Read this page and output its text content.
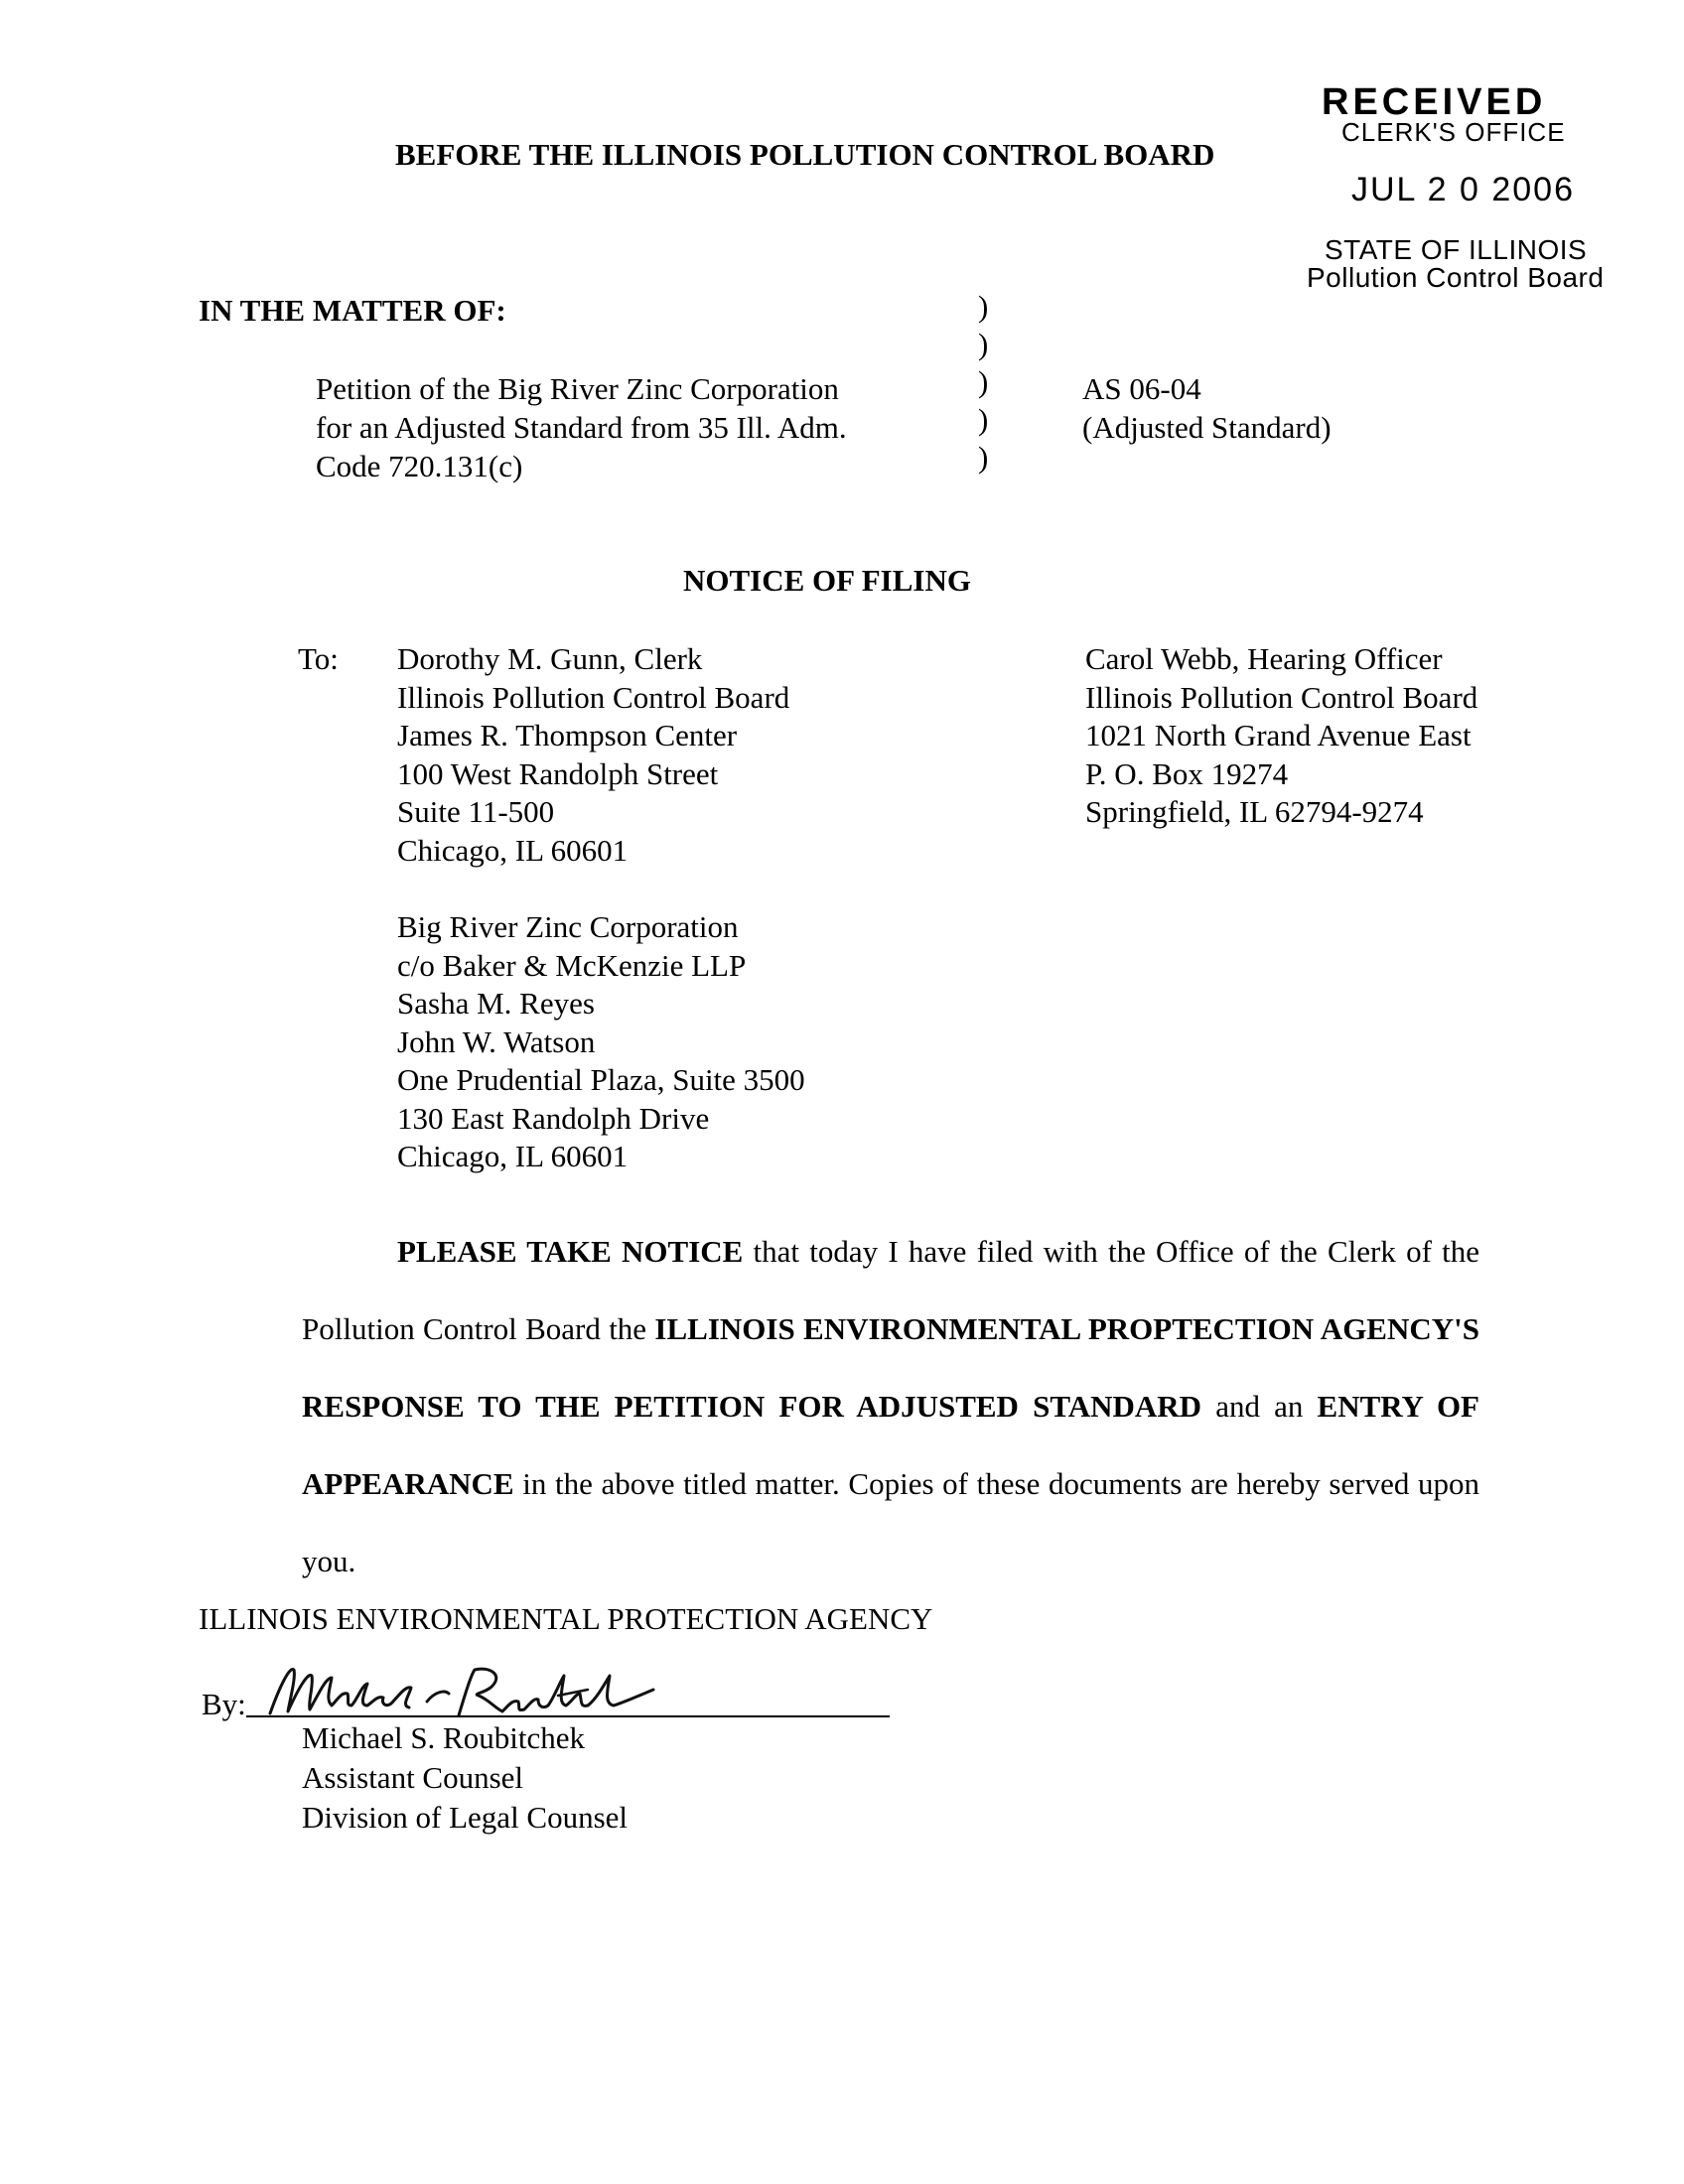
RECEIVED
CLERK'S OFFICE
JUL 2 0 2006
STATE OF ILLINOIS
Pollution Control Board
BEFORE THE ILLINOIS POLLUTION CONTROL BOARD
IN THE MATTER OF:
Petition of the Big River Zinc Corporation
for an Adjusted Standard from 35 Ill. Adm.
Code 720.131(c)
)
)
)
)
)
AS 06-04
(Adjusted Standard)
NOTICE OF FILING
To: Dorothy M. Gunn, Clerk
Illinois Pollution Control Board
James R. Thompson Center
100 West Randolph Street
Suite 11-500
Chicago, IL 60601
Carol Webb, Hearing Officer
Illinois Pollution Control Board
1021 North Grand Avenue East
P. O. Box 19274
Springfield, IL 62794-9274
Big River Zinc Corporation
c/o Baker & McKenzie LLP
Sasha M. Reyes
John W. Watson
One Prudential Plaza, Suite 3500
130 East Randolph Drive
Chicago, IL 60601

PLEASE TAKE NOTICE that today I have filed with the Office of the Clerk of the Pollution Control Board the ILLINOIS ENVIRONMENTAL PROPTECTION AGENCY'S RESPONSE TO THE PETITION FOR ADJUSTED STANDARD and an ENTRY OF APPEARANCE in the above titled matter. Copies of these documents are hereby served upon you.

ILLINOIS ENVIRONMENTAL PROTECTION AGENCY
By:
Michael Roubitchek
Michael S. Roubitchek
Assistant Counsel
Division of Legal Counsel
